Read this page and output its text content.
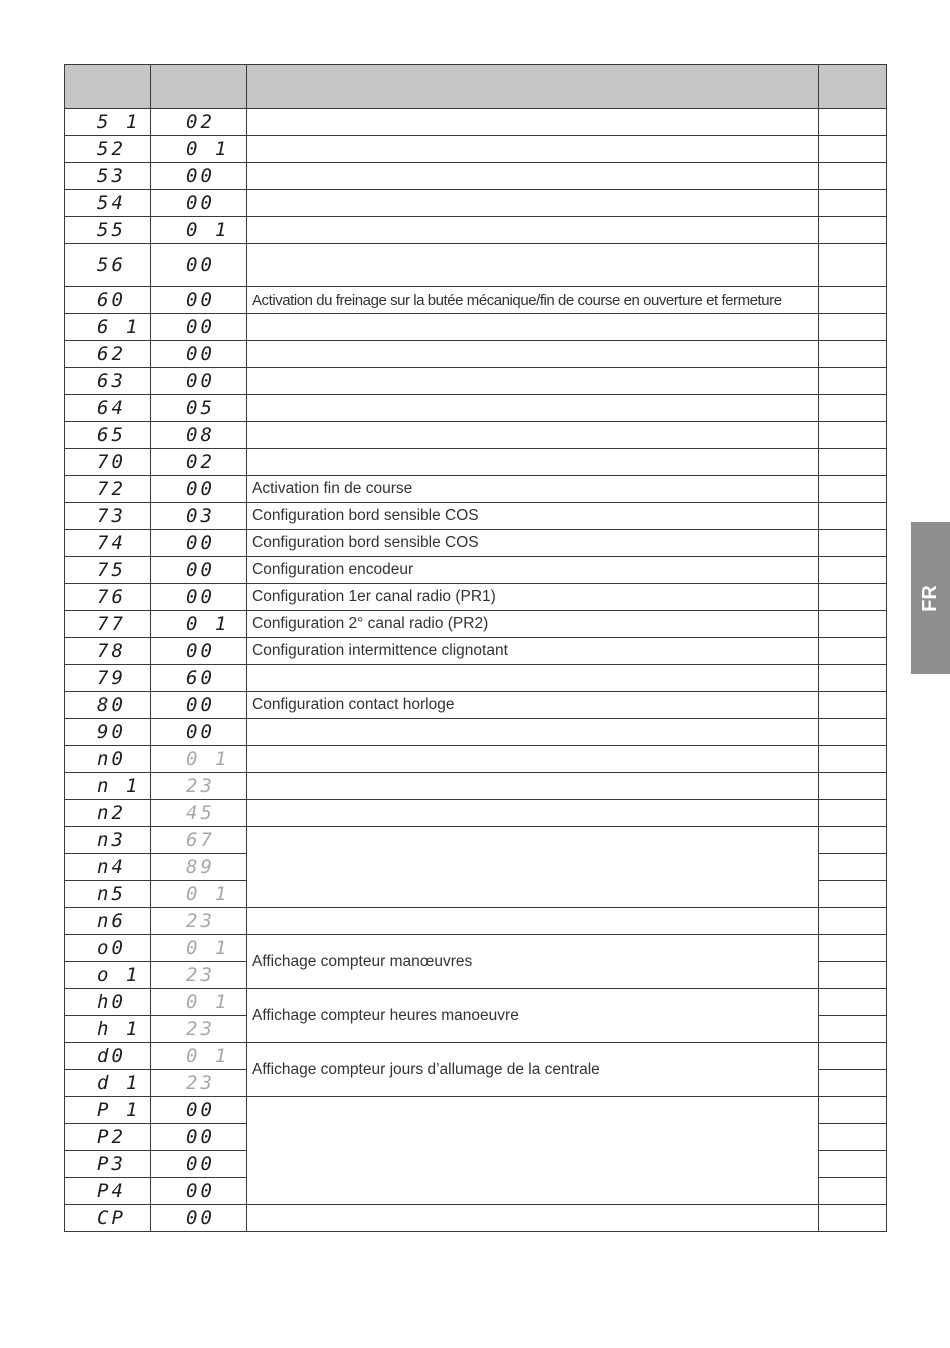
5 1	02		
52	0 1		
53	00		
54	00		
55	0 1		
56	00		
60	00	Activation du freinage sur la butée mécanique/fin de course en ouverture et fermeture	
6 1	00		
62	00		
63	00		
64	05		
65	08		
70	02		
72	00	Activation fin de course	
73	03	Configuration bord sensible COS	
74	00	Configuration bord sensible COS	
75	00	Configuration encodeur	
76	00	Configuration 1er canal radio (PR1)	
77	0 1	Configuration 2° canal radio (PR2)	
78	00	Configuration intermittence clignotant	
79	60		
80	00	Configuration contact horloge	
90	00		
n0	0 1		
n 1	23		
n2	45		
n3	67		
n4	89		
n5	0 1		
n6	23		
o0	0 1	Affichage compteur manœuvres	
o 1	23		
h0	0 1	Affichage compteur heures manoeuvre	
h 1	23		
d0	0 1	Affichage compteur jours d’allumage de la centrale	
d 1	23		
P 1	00		
P2	00		
P3	00		
P4	00		
CP	00		
FR
